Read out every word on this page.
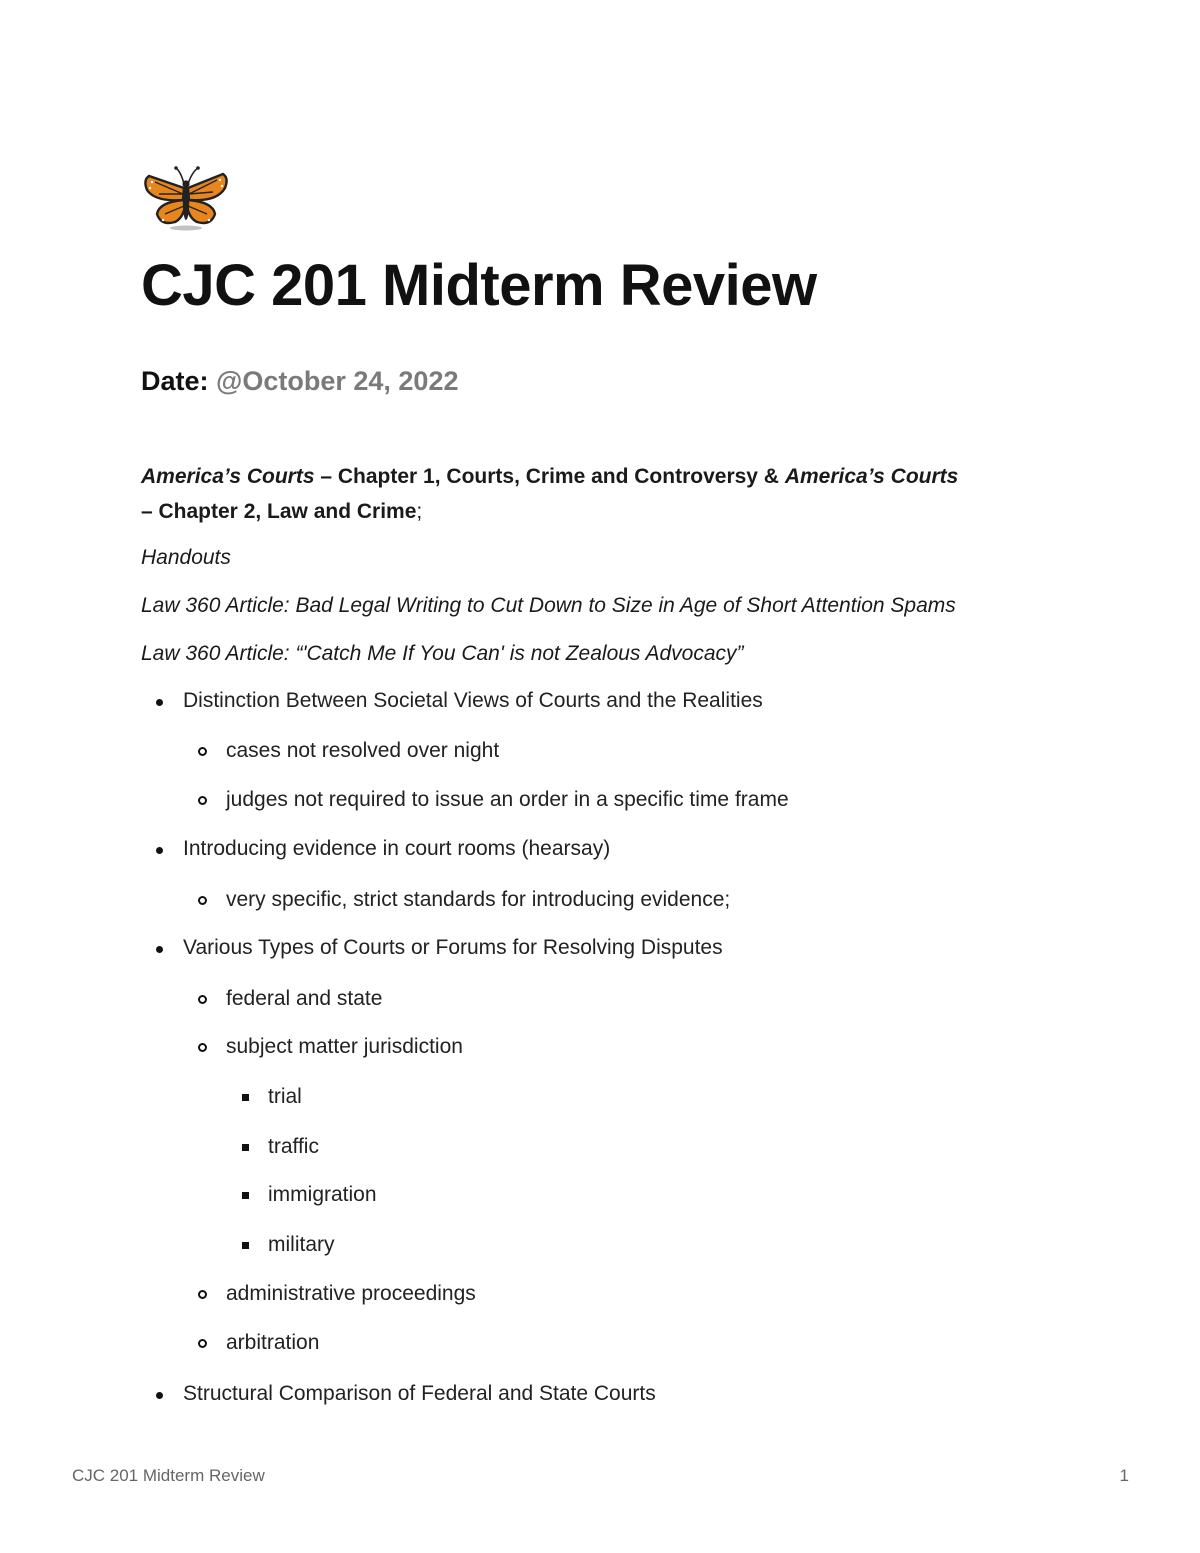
CJC 201 Midterm Review
Date: @October 24, 2022
America’s Courts – Chapter 1, Courts, Crime and Controversy & America’s Courts
– Chapter 2, Law and Crime;
Handouts
Law 360 Article: Bad Legal Writing to Cut Down to Size in Age of Short Attention Spams
Law 360 Article: “'Catch Me If You Can' is not Zealous Advocacy”
Distinction Between Societal Views of Courts and the Realities
cases not resolved over night
judges not required to issue an order in a specific time frame
Introducing evidence in court rooms (hearsay)
very specific, strict standards for introducing evidence;
Various Types of Courts or Forums for Resolving Disputes
federal and state
subject matter jurisdiction
trial
traffic
immigration
military
administrative proceedings
arbitration
Structural Comparison of Federal and State Courts
CJC 201 Midterm Review	1
